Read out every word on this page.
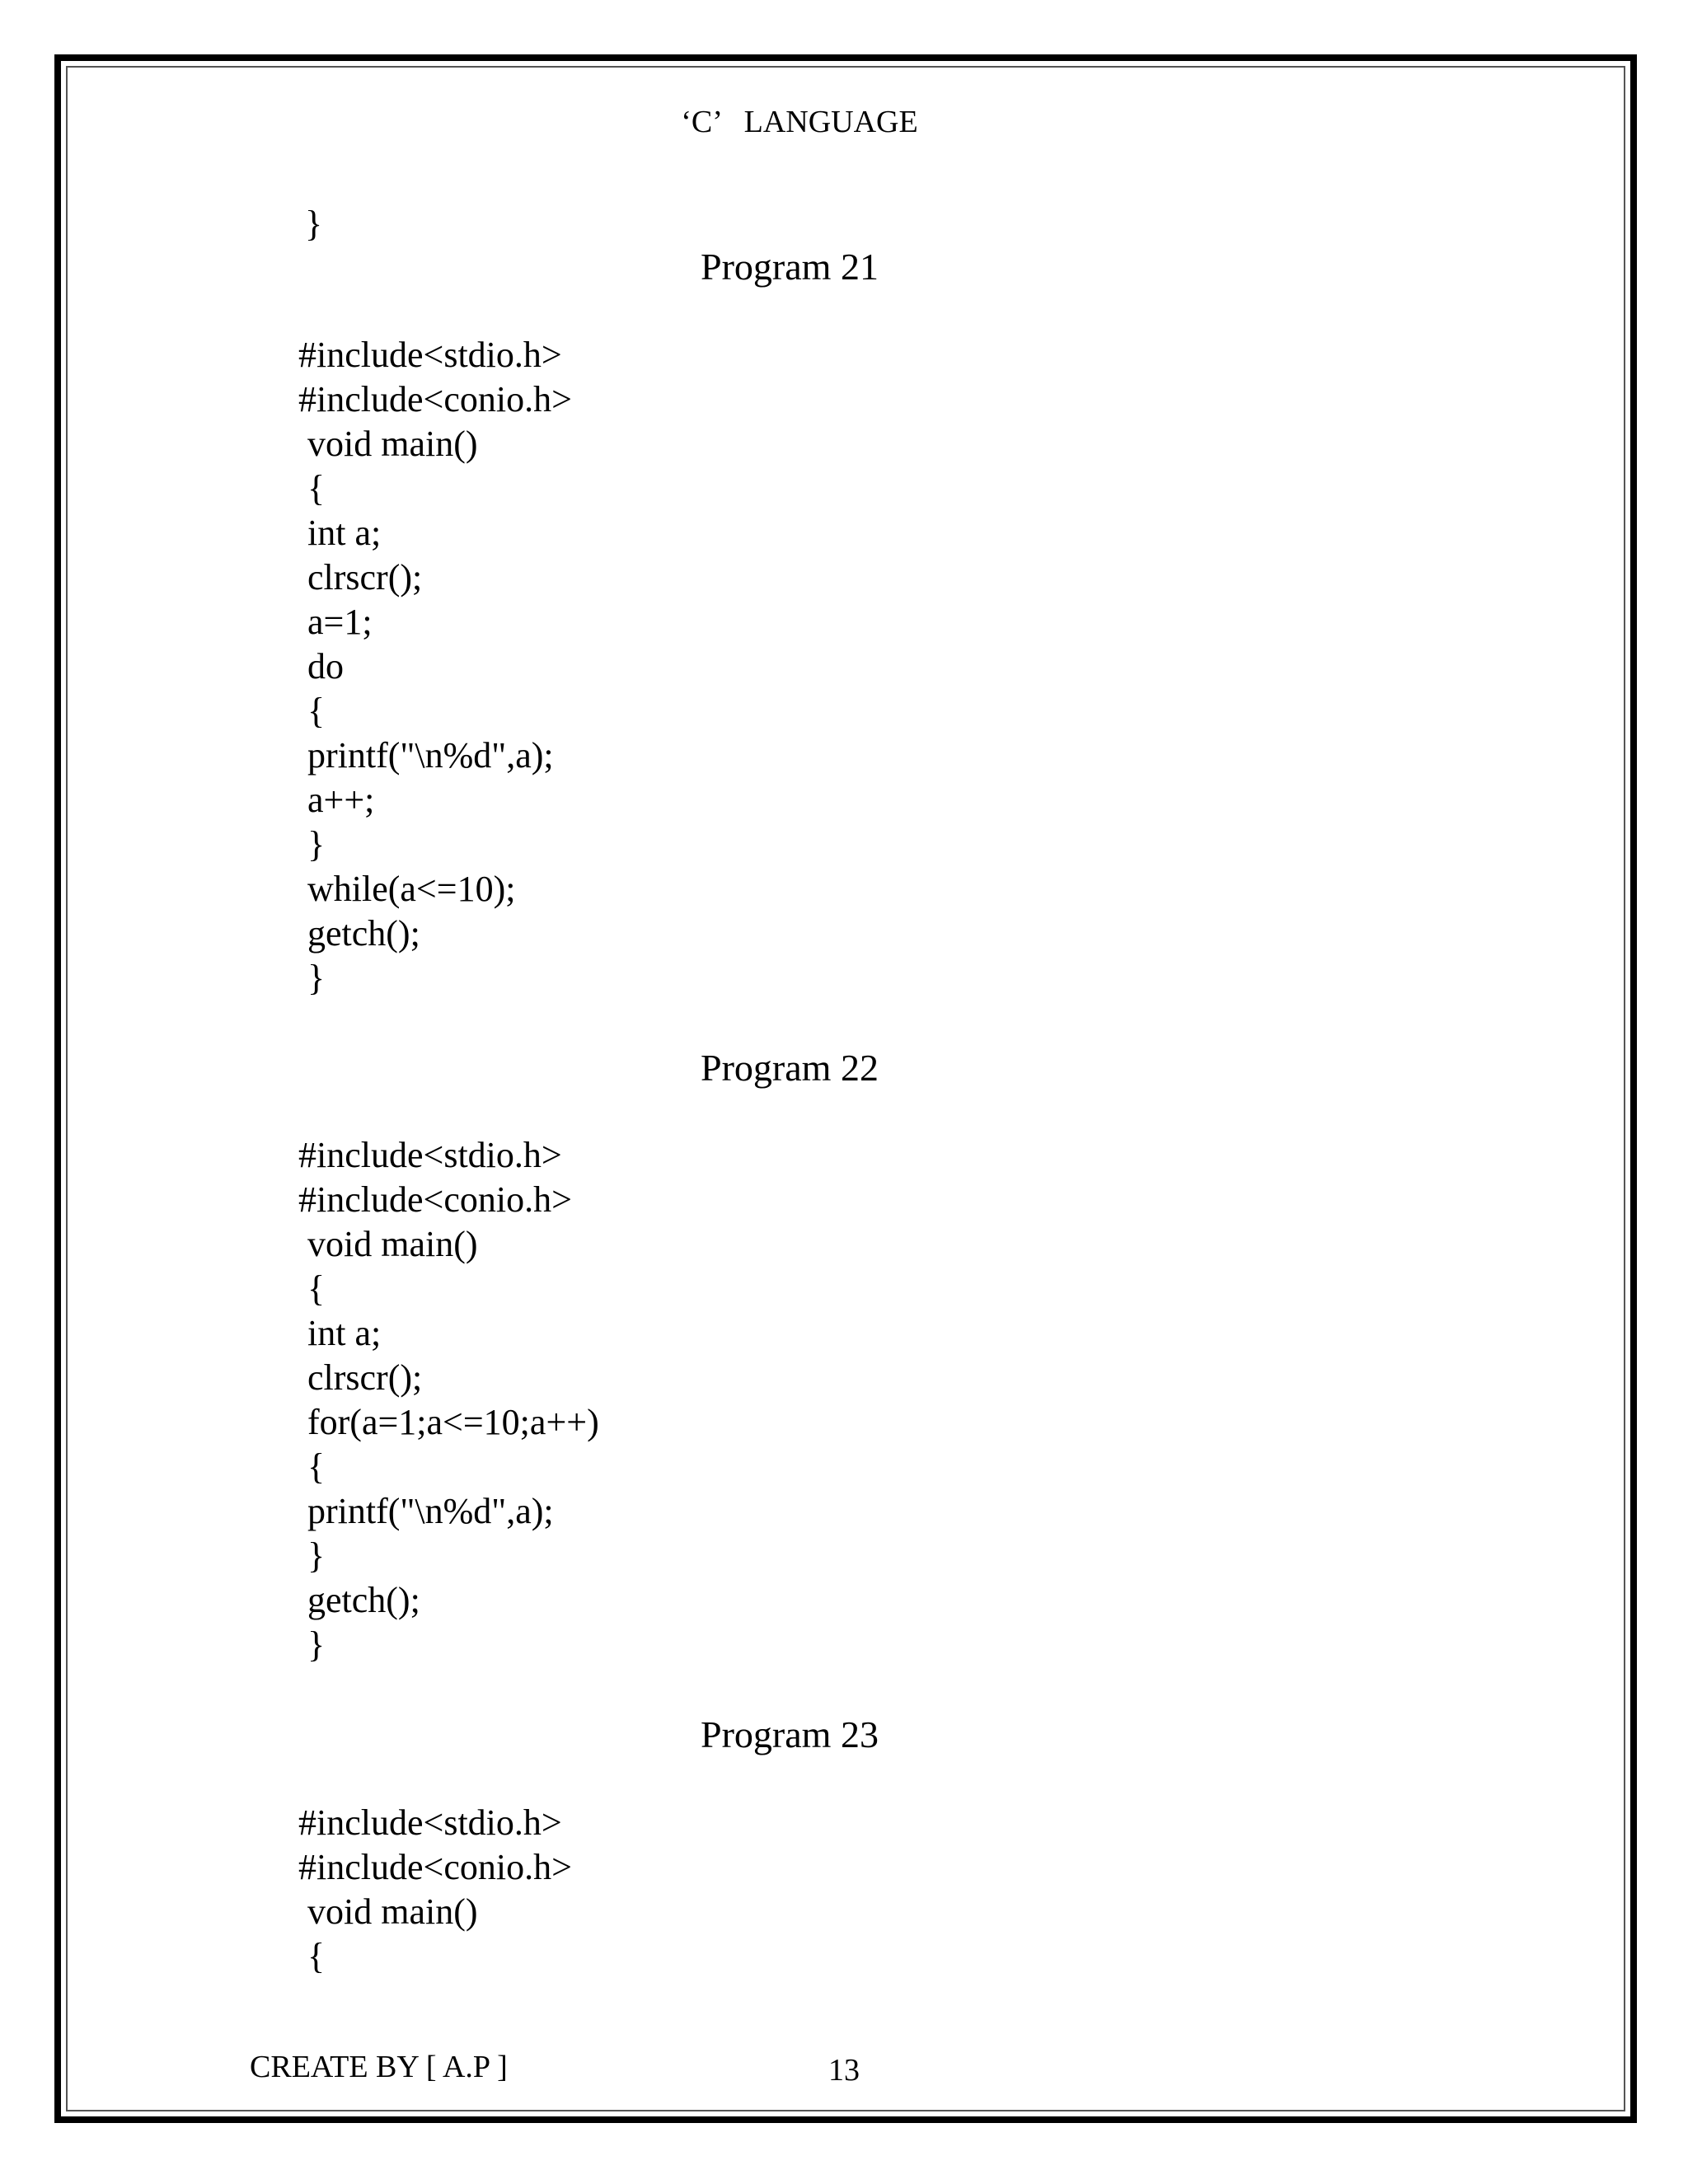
‘C’   LANGUAGE
}
Program 21
#include<stdio.h>
#include<conio.h>
void main()
{
int a;
clrscr();
a=1;
do
{
printf("\n%d",a);
a++;
}
while(a<=10);
getch();
}
Program 22
#include<stdio.h>
#include<conio.h>
void main()
{
int a;
clrscr();
for(a=1;a<=10;a++)
{
printf("\n%d",a);
}
getch();
}
Program 23
#include<stdio.h>
#include<conio.h>
void main()
{
CREATE BY [ A.P ]	13
